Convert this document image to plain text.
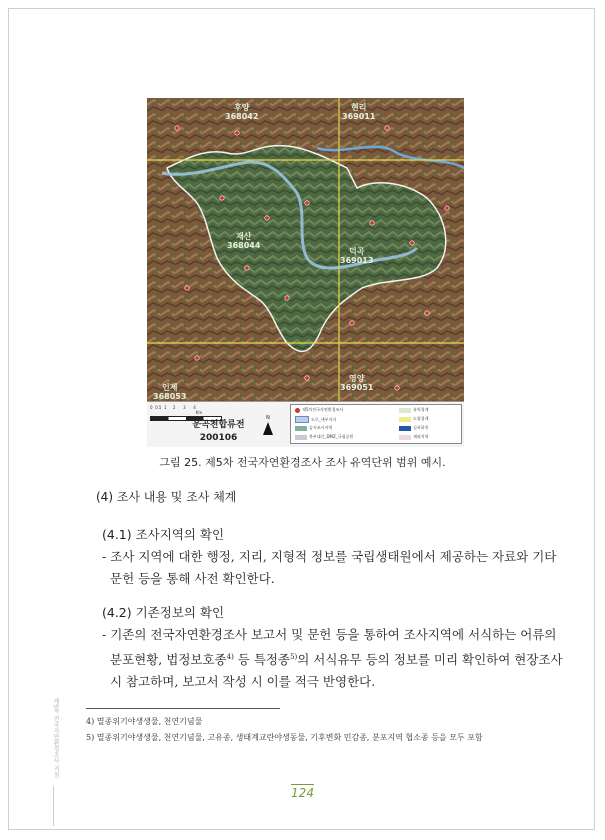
후양
368042
현리
369011
재산
368044
덕곡
369013
인제
368053
영양
369051
0  0.5  1     2      3      4
Km
운곡천합류전
200106
N
제5차전국자연환경조사
도로_세부지자
습지조사지역
북부대간_DMZ_국립공원
유역경계
도엽경계
실폭하천
제외지역
그림 25. 제5차 전국자연환경조사 조사 유역단위 범위 예시.
(4) 조사 내용 및 조사 체계
(4.1) 조사지역의 확인
- 조사 지역에 대한 행정, 지리, 지형적 정보를 국립생태원에서 제공하는 자료와 기타
문헌 등을 통해 사전 확인한다.
(4.2) 기존정보의 확인
- 기존의 전국자연환경조사 보고서 및 문헌 등을 통하여 조사지역에 서식하는 어류의
분포현황, 법정보호종$^{4)}$ 등 특정종$^{5)}$의 서식유무 등의 정보를 미리 확인하여 현장조사
시 참고하며, 보고서 작성 시 이를 적극 반영한다.
4) 멸종위기야생생물, 천연기념물
5) 멸종위기야생생물, 천연기념물, 고유종, 생태계교란야생동물, 기후변화 민감종, 분포지역 협소종 등을 모두 포함
제5차 전국자연환경조사 지침
124
